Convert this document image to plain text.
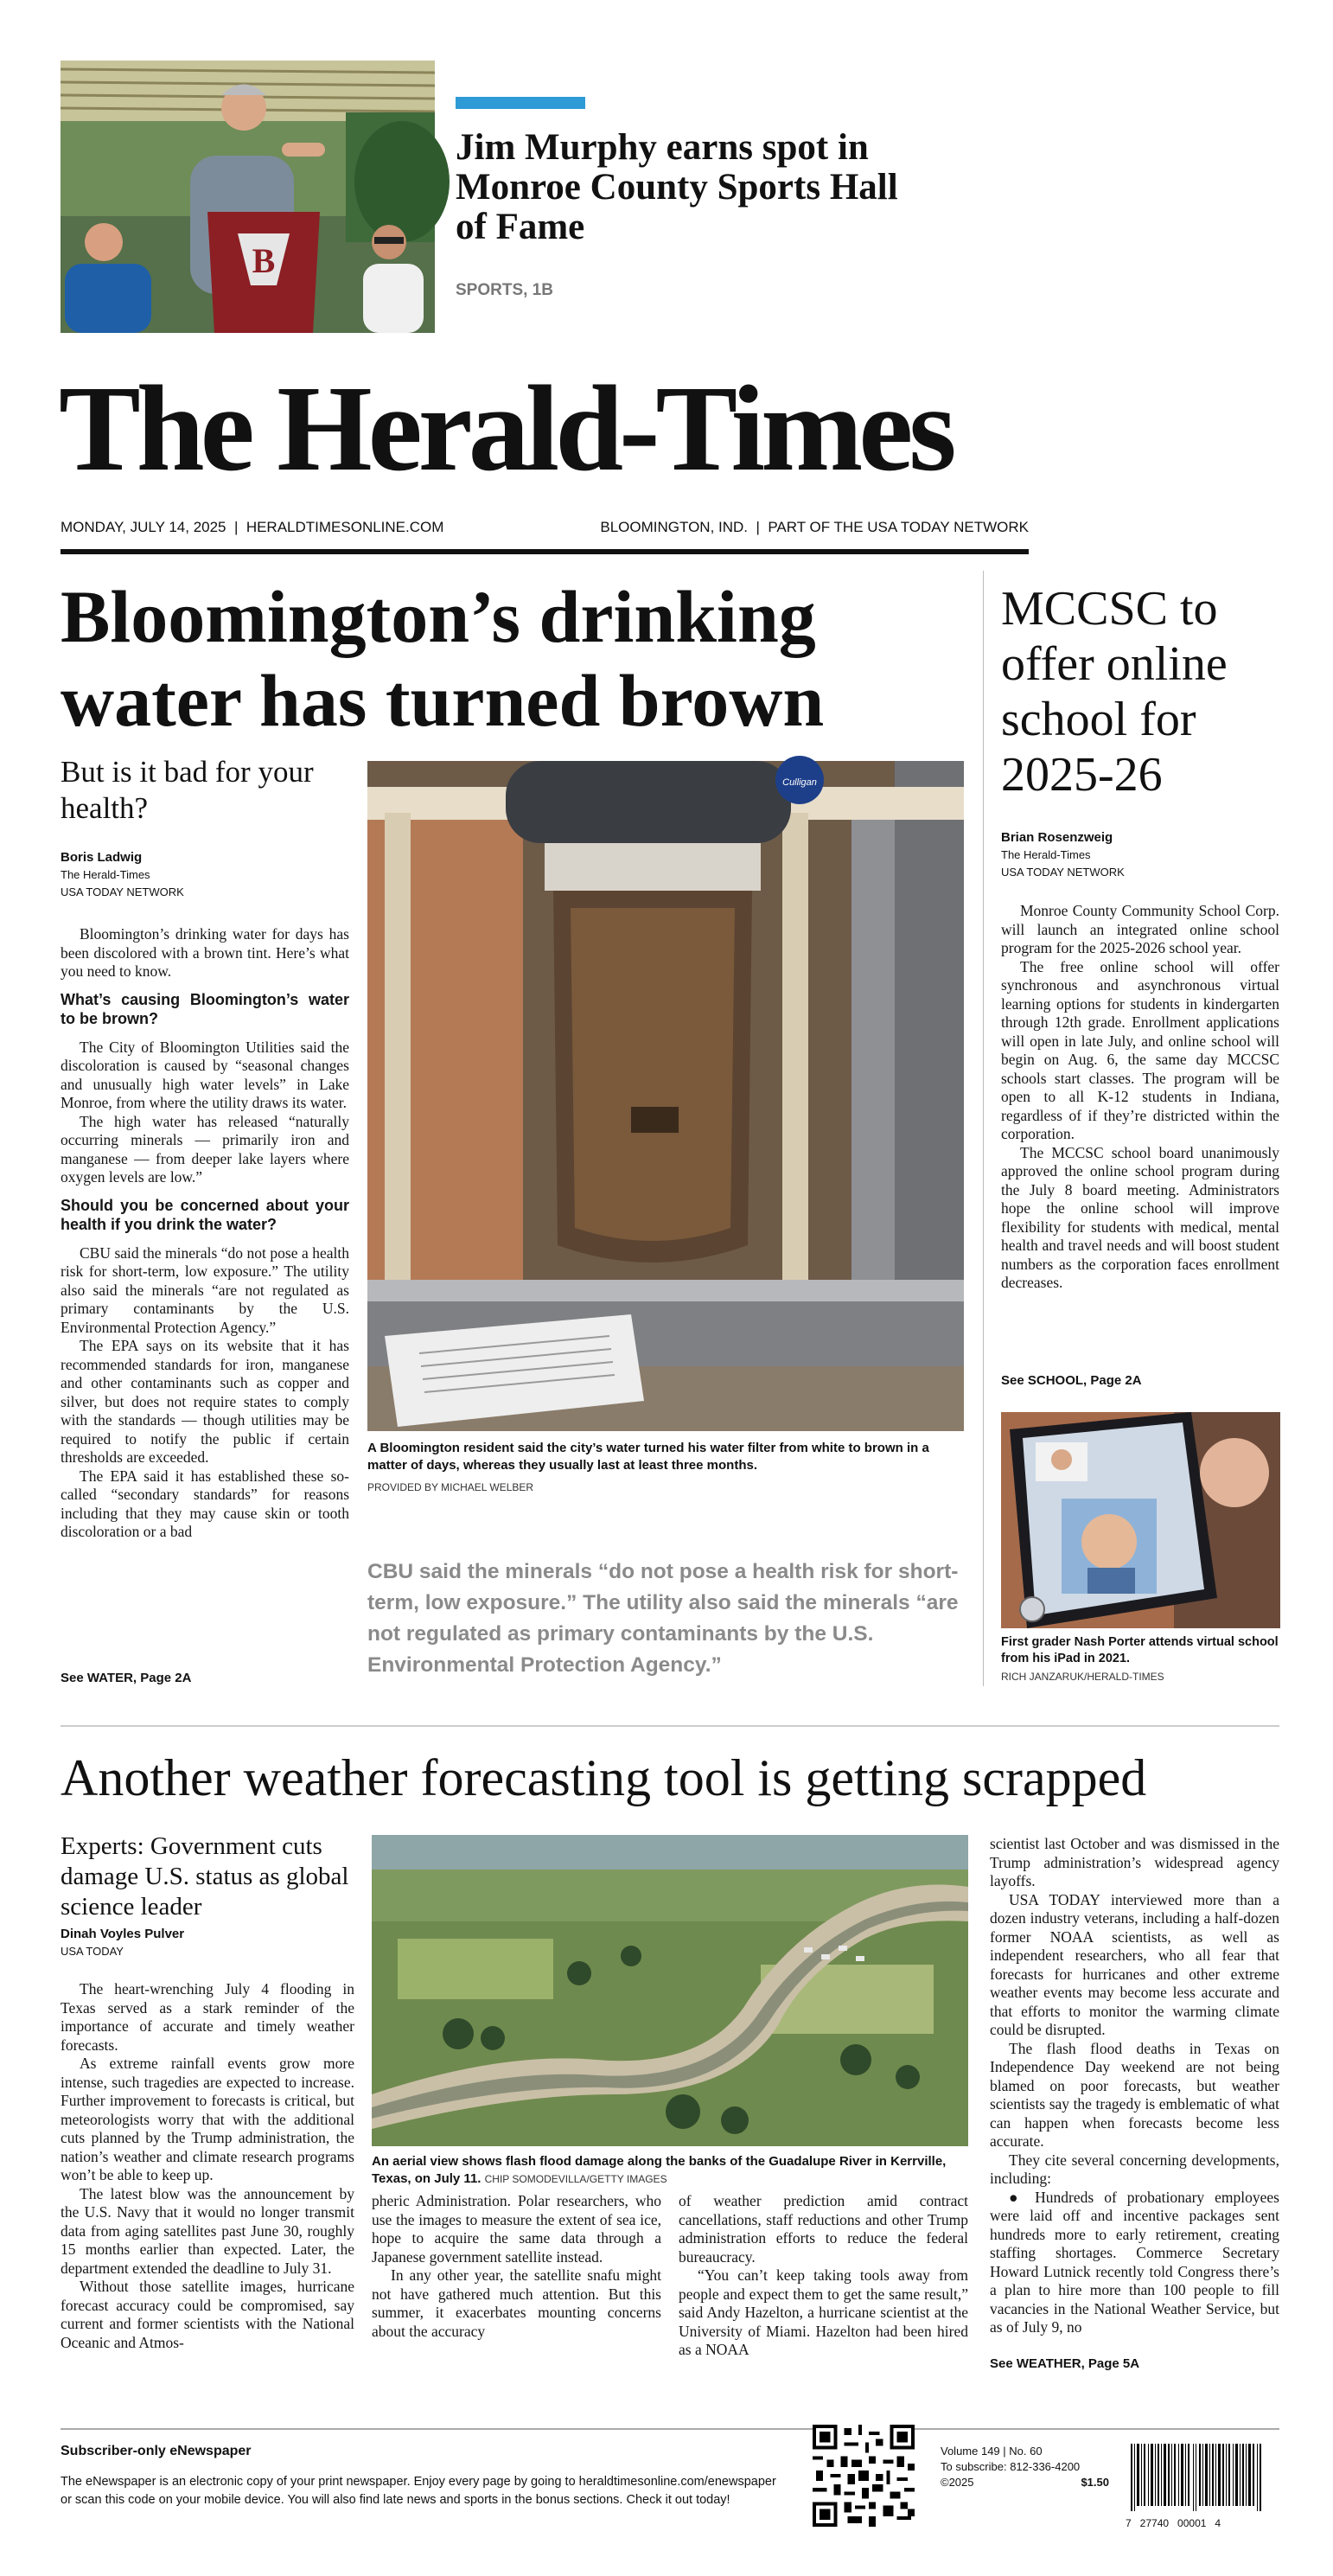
B
Jim Murphy earns spot in Monroe County Sports Hall of Fame
SPORTS, 1B
The Herald-Times
MONDAY, JULY 14, 2025  |  HERALDTIMESONLINE.COM	BLOOMINGTON, IND.  |  PART OF THE USA TODAY NETWORK
Bloomington’s drinking water has turned brown
But is it bad for your health?
Boris Ladwig
The Herald-Times
USA TODAY NETWORK

Bloomington’s drinking water for days has been discolored with a brown tint. Here’s what you need to know.

What’s causing Bloomington’s water to be brown?

The City of Bloomington Utilities said the discoloration is caused by “seasonal changes and unusually high water levels” in Lake Monroe, from where the utility draws its water.

The high water has released “naturally occurring minerals — primarily iron and manganese — from deeper lake layers where oxygen levels are low.”

Should you be concerned about your health if you drink the water?

CBU said the minerals “do not pose a health risk for short-term, low exposure.” The utility also said the minerals “are not regulated as primary contaminants by the U.S. Environmental Protection Agency.”

The EPA says on its website that it has recommended standards for iron, manganese and other contaminants such as copper and silver, but does not require states to comply with the standards — though utilities may be required to notify the public if certain thresholds are exceeded.

The EPA said it has established these so-called “secondary standards” for reasons including that they may cause skin or tooth discoloration or a bad

See WATER, Page 2A
Culligan
A Bloomington resident said the city’s water turned his water filter from white to brown in a matter of days, whereas they usually last at least three months.
PROVIDED BY MICHAEL WELBER
CBU said the minerals “do not pose a health risk for short-term, low exposure.” The utility also said the minerals “are not regulated as primary contaminants by the U.S. Environmental Protection Agency.”
MCCSC to offer online school for 2025-26
Brian Rosenzweig
The Herald-Times
USA TODAY NETWORK

Monroe County Community School Corp. will launch an integrated online school program for the 2025-2026 school year.

The free online school will offer synchronous and asynchronous virtual learning options for students in kindergarten through 12th grade. Enrollment applications will open in late July, and online school will begin on Aug. 6, the same day MCCSC schools start classes. The program will be open to all K-12 students in Indiana, regardless of if they’re districted within the corporation.

The MCCSC school board unanimously approved the online school program during the July 8 board meeting. Administrators hope the online school will improve flexibility for students with medical, mental health and travel needs and will boost student numbers as the corporation faces enrollment decreases.

See SCHOOL, Page 2A
First grader Nash Porter attends virtual school from his iPad in 2021.
RICH JANZARUK/HERALD-TIMES
Another weather forecasting tool is getting scrapped
Experts: Government cuts damage U.S. status as global science leader
Dinah Voyles Pulver
USA TODAY

The heart-wrenching July 4 flooding in Texas served as a stark reminder of the importance of accurate and timely weather forecasts.

As extreme rainfall events grow more intense, such tragedies are expected to increase. Further improvement to forecasts is critical, but meteorologists worry that with the additional cuts planned by the Trump administration, the nation’s weather and climate research programs won’t be able to keep up.

The latest blow was the announcement by the U.S. Navy that it would no longer transmit data from aging satellites past June 30, roughly 15 months earlier than expected. Later, the department extended the deadline to July 31.

Without those satellite images, hurricane forecast accuracy could be compromised, say current and former scientists with the National Oceanic and Atmos-

An aerial view shows flash flood damage along the banks of the Guadalupe River in Kerrville, Texas, on July 11. CHIP SOMODEVILLA/GETTY IMAGES

pheric Administration. Polar researchers, who use the images to measure the extent of sea ice, hope to acquire the same data through a Japanese government satellite instead.

In any other year, the satellite snafu might not have gathered much attention. But this summer, it exacerbates mounting concerns about the accuracy

of weather prediction amid contract cancellations, staff reductions and other Trump administration efforts to reduce the federal bureaucracy.

“You can’t keep taking tools away from people and expect them to get the same result,” said Andy Hazelton, a hurricane scientist at the University of Miami. Hazelton had been hired as a NOAA

scientist last October and was dismissed in the Trump administration’s widespread agency layoffs.

USA TODAY interviewed more than a dozen industry veterans, including a half-dozen former NOAA scientists, as well as independent researchers, who all fear that forecasts for hurricanes and other extreme weather events may become less accurate and that efforts to monitor the warming climate could be disrupted.

The flash flood deaths in Texas on Independence Day weekend are not being blamed on poor forecasts, but weather scientists say the tragedy is emblematic of what can happen when forecasts become less accurate.

They cite several concerning developments, including:

● Hundreds of probationary employees were laid off and incentive packages sent hundreds more to early retirement, creating staffing shortages. Commerce Secretary Howard Lutnick recently told Congress there’s a plan to hire more than 100 people to fill vacancies in the National Weather Service, but as of July 9, no

See WEATHER, Page 5A
Subscriber-only eNewspaper
The eNewspaper is an electronic copy of your print newspaper. Enjoy every page by going to heraldtimesonline.com/enewspaper or scan this code on your mobile device. You will also find late news and sports in the bonus sections. Check it out today!
Volume 149 | No. 60
To subscribe: 812-336-4200
©2025	$1.50
7   27740   00001   4
